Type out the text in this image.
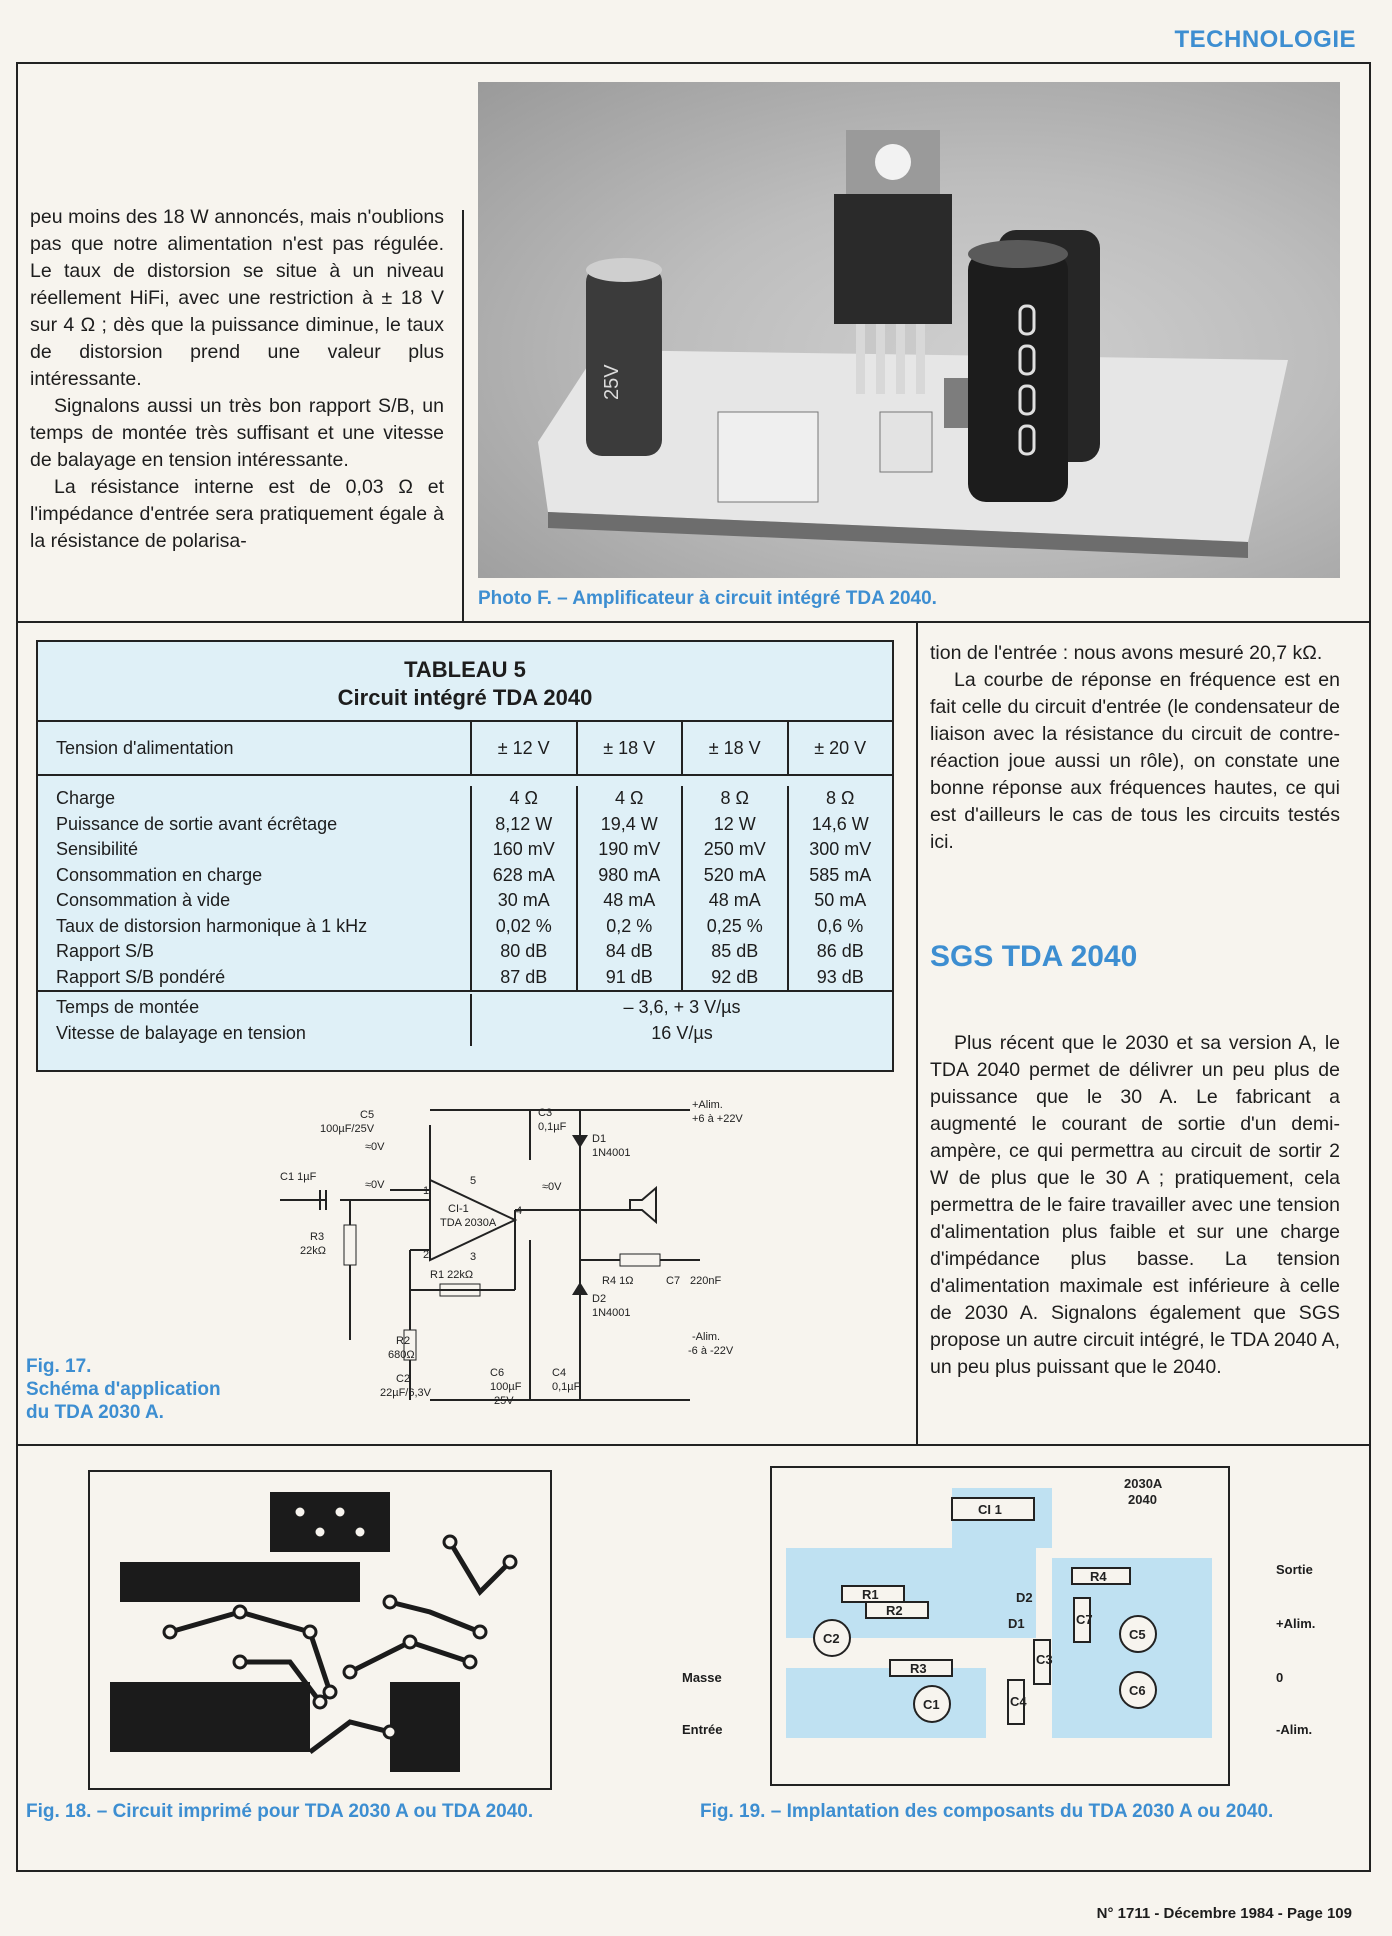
TECHNOLOGIE

peu moins des 18 W annoncés, mais n'oublions pas que notre alimentation n'est pas régulée. Le taux de distorsion se situe à un niveau réellement HiFi, avec une restriction à ± 18 V sur 4 Ω ; dès que la puissance diminue, le taux de distorsion prend une valeur plus intéressante.

Signalons aussi un très bon rapport S/B, un temps de montée très suffisant et une vitesse de balayage en tension intéressante.

La résistance interne est de 0,03 Ω et l'impédance d'entrée sera pratiquement égale à la résistance de polarisa-

25V
Photo F. – Amplificateur à circuit intégré TDA 2040.
TABLEAU 5
Circuit intégré TDA 2040
Tension d'alimentation	± 12 V	± 18 V	± 18 V	± 20 V
Charge	4 Ω	4 Ω	8 Ω	8 Ω
Puissance de sortie avant écrêtage	8,12 W	19,4 W	12 W	14,6 W
Sensibilité	160 mV	190 mV	250 mV	300 mV
Consommation en charge	628 mA	980 mA	520 mA	585 mA
Consommation à vide	30 mA	48 mA	48 mA	50 mA
Taux de distorsion harmonique à 1 kHz	0,02 %	0,2 %	0,25 %	0,6 %
Rapport S/B	80 dB	84 dB	85 dB	86 dB
Rapport S/B pondéré	87 dB	91 dB	92 dB	93 dB
Temps de montée	– 3,6, + 3 V/µs
Vitesse de balayage en tension	16 V/µs

tion de l'entrée : nous avons mesuré 20,7 kΩ.

La courbe de réponse en fréquence est en fait celle du circuit d'entrée (le condensateur de liaison avec la résistance du circuit de contre-réaction joue aussi un rôle), on constate une bonne réponse aux fréquences hautes, ce qui est d'ailleurs le cas de tous les circuits testés ici.

SGS TDA 2040

Plus récent que le 2030 et sa version A, le TDA 2040 permet de délivrer un peu plus de puissance que le 30 A. Le fabricant a augmenté le courant de sortie d'un demi-ampère, ce qui permettra au circuit de sortir 2 W de plus que le 30 A ; pratiquement, cela permettra de le faire travailler avec une tension d'alimentation plus faible et sur une charge d'impédance plus basse. La tension d'alimentation maximale est inférieure à celle de 2030 A. Signalons également que SGS propose un autre circuit intégré, le TDA 2040 A, un peu plus puissant que le 2040.

C5
100µF/25V
C3
0,1µF
+Alim.
+6 à +22V
D1
1N4001
≈0V
≈0V	≈0V
C1 1µF
CI-1
TDA 2030A
R3
22kΩ
R1 22kΩ	R4 1Ω	C7 220nF
D2
1N4001
-Alim.
-6 à -22V
R2
680Ω
C2
22µF/6,3V
C6
100µF
25V
C4
0,1µF
1
2	3
4
5
Fig. 17.
Schéma d'application
du TDA 2030 A.
Fig. 18. – Circuit imprimé pour TDA 2030 A ou TDA 2040.
CI 1
2030A
2040
R1
R2
R3
R4
D2
D1
C2
C1
C5
C6
C3
C4
C7
Masse
Entrée
Sortie
+Alim.
0
-Alim.
Fig. 19. – Implantation des composants du TDA 2030 A ou 2040.
N° 1711 - Décembre 1984 - Page 109
